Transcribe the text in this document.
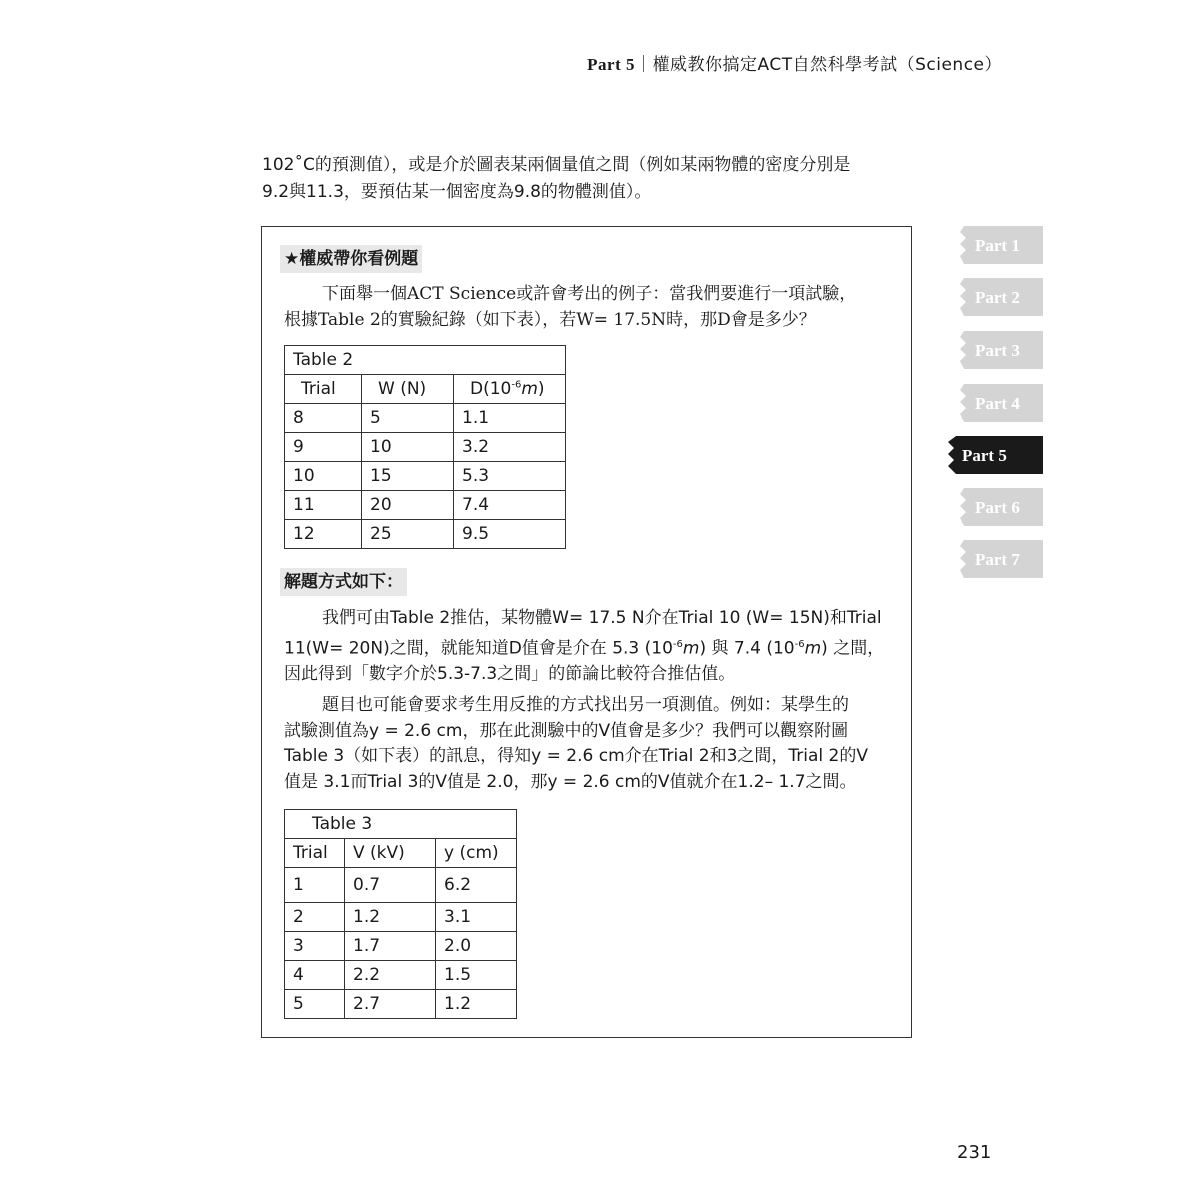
Part 5｜權威教你搞定ACT自然科學考試（Science）

102˚C的預測值），或是介於圖表某兩個量值之間（例如某兩物體的密度分別是

9.2與11.3，要預估某一個密度為9.8的物體測值）。

★權威帶你看例題

下面舉一個ACT Science或許會考出的例子：當我們要進行一項試驗，
根據Table 2的實驗紀錄（如下表），若W= 17.5N時，那D會是多少？

Table 2		
Trial	W (N)	$D(10^{-6}m)$
8	5	1.1
9	10	3.2
10	15	5.3
11	20	7.4
12	25	9.5
解題方式如下：

我們可由Table 2推估，某物體W= 17.5 N介在Trial 10 (W= 15N)和Trial
11(W= 20N)之間，就能知道D值會是介在 5.3 $(10^{-6}m)$ 與 7.4 $(10^{-6}m)$ 之間，
因此得到「數字介於5.3-7.3之間」的節論比較符合推估值。

題目也可能會要求考生用反推的方式找出另一項測值。例如：某學生的
試驗測值為y = 2.6 cm，那在此測驗中的V值會是多少？我們可以觀察附圖
Table 3（如下表）的訊息，得知y = 2.6 cm介在Trial 2和3之間，Trial 2的V
值是 3.1而Trial 3的V值是 2.0，那y = 2.6 cm的V值就介在1.2– 1.7之間。

Table 3		
Trial	V (kV)	y (cm)
1	0.7	6.2
2	1.2	3.1
3	1.7	2.0
4	2.2	1.5
5	2.7	1.2
Part 1
Part 2
Part 3
Part 4
Part 5
Part 6
Part 7
231
